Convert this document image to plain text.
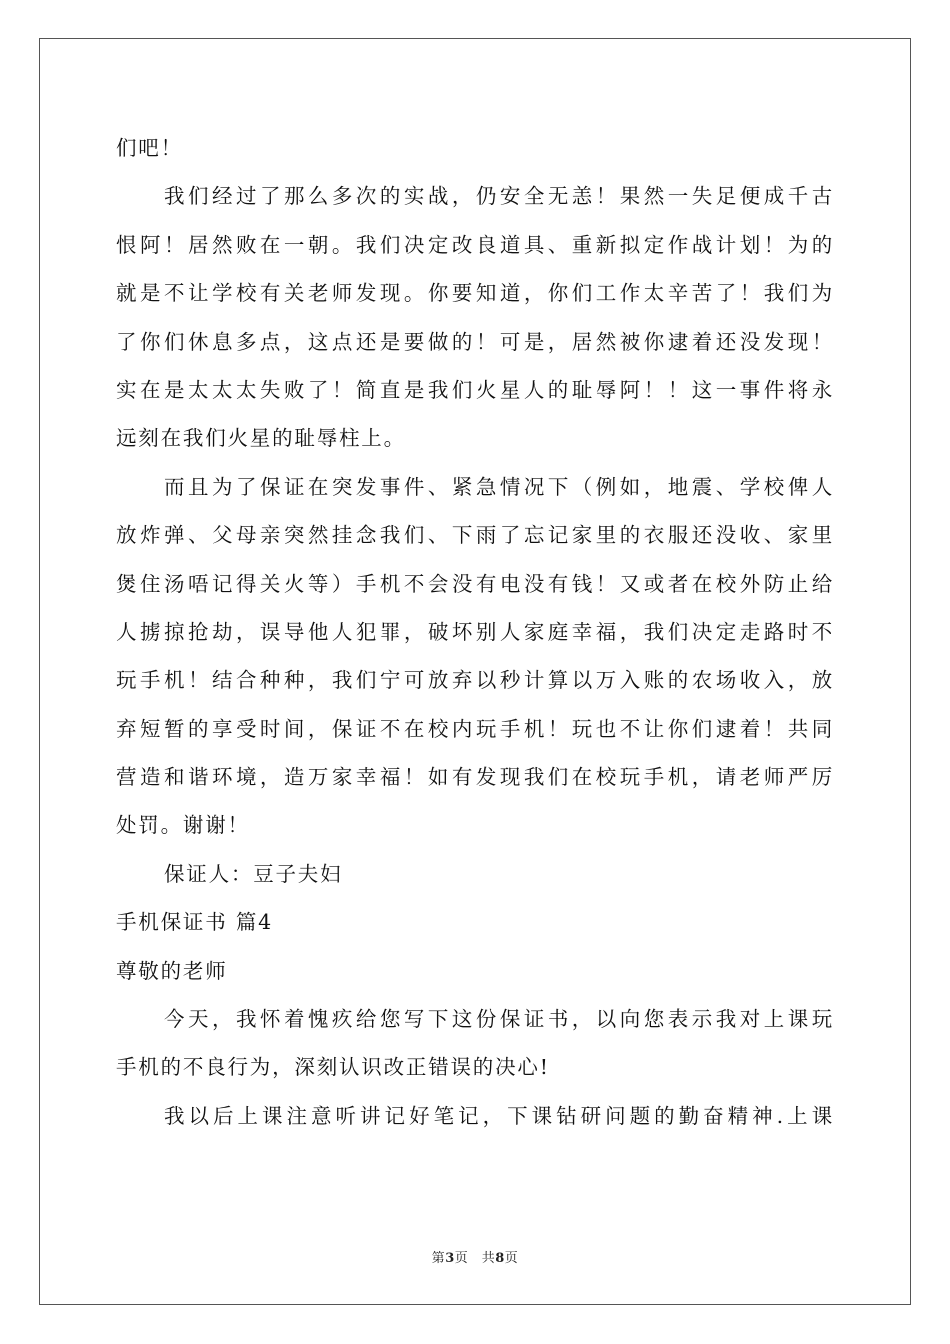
们吧！
我们经过了那么多次的实战，仍安全无恙！果然一失足便成千古
恨阿！居然败在一朝。我们决定改良道具、重新拟定作战计划！为的
就是不让学校有关老师发现。你要知道，你们工作太辛苦了！我们为
了你们休息多点，这点还是要做的！可是，居然被你逮着还没发现！
实在是太太太失败了！简直是我们火星人的耻辱阿！！这一事件将永
远刻在我们火星的耻辱柱上。
而且为了保证在突发事件、紧急情况下（例如，地震、学校俾人
放炸弹、父母亲突然挂念我们、下雨了忘记家里的衣服还没收、家里
煲住汤唔记得关火等）手机不会没有电没有钱！又或者在校外防止给
人掳掠抢劫，误导他人犯罪，破坏别人家庭幸福，我们决定走路时不
玩手机！结合种种，我们宁可放弃以秒计算以万入账的农场收入，放
弃短暂的享受时间，保证不在校内玩手机！玩也不让你们逮着！共同
营造和谐环境，造万家幸福！如有发现我们在校玩手机，请老师严厉
处罚。谢谢！
保证人：豆子夫妇
手机保证书 篇4
尊敬的老师
今天，我怀着愧疚给您写下这份保证书，以向您表示我对上课玩
手机的不良行为，深刻认识改正错误的决心!
我以后上课注意听讲记好笔记，下课钻研问题的勤奋精神.上课
第3页　共8页
